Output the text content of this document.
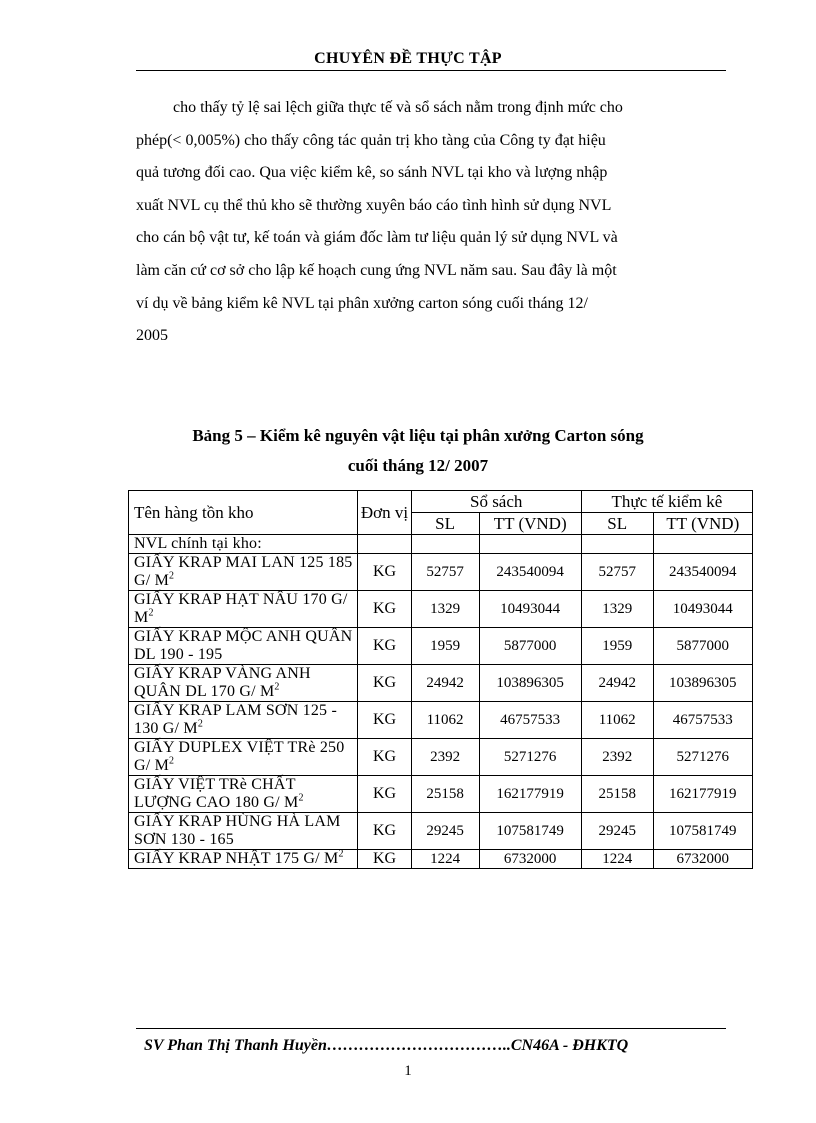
CHUYÊN ĐỀ THỰC TẬP
cho thấy tỷ lệ sai lệch giữa thực tế và sổ sách nằm trong định mức cho
phép(< 0,005%) cho thấy công tác quản trị kho tàng của Công ty đạt hiệu
quả tương đối cao. Qua việc kiểm kê, so sánh NVL tại kho và lượng nhập
xuất NVL cụ thể thủ kho sẽ thường xuyên báo cáo tình hình sử dụng NVL
cho cán bộ vật tư, kế toán và giám đốc làm tư liệu quản lý sử dụng NVL và
làm căn cứ cơ sở cho lập kế hoạch cung ứng NVL năm sau. Sau đây là một
ví dụ về bảng kiểm kê NVL tại phân xưởng carton sóng cuối tháng 12/
2005
Bảng 5 – Kiểm kê nguyên vật liệu tại phân xưởng Carton sóng
cuối tháng 12/ 2007
Tên hàng tồn kho	Đơn vị	Sổ sách		Thực tế kiểm kê	
		SL	TT (VND)	SL	TT (VND)
NVL chính tại kho:					
GIẤY KRAP MAI LAN 125 185 G/ $M^2$	KG	52757	243540094	52757	243540094
GIẤY KRAP HẠT NÂU 170 G/ $M^2$	KG	1329	10493044	1329	10493044
GIẤY KRAP MỘC ANH QUÂN DL 190 - 195	KG	1959	5877000	1959	5877000
GIẤY KRAP VÀNG ANH QUÂN DL 170 G/ $M^2$	KG	24942	103896305	24942	103896305
GIẤY KRAP LAM SƠN 125 - 130 G/ $M^2$	KG	11062	46757533	11062	46757533
GIẤY DUPLEX VIỆT TRè 250 G/ $M^2$	KG	2392	5271276	2392	5271276
GIẤY VIỆT TRè CHẤT LƯỢNG CAO 180 G/ $M^2$	KG	25158	162177919	25158	162177919
GIẤY KRAP HÙNG HÀ LAM SƠN 130 - 165	KG	29245	107581749	29245	107581749
GIẤY KRAP NHẬT 175 G/ $M^2$	KG	1224	6732000	1224	6732000
SV Phan Thị Thanh Huyền……………………………..CN46A - ĐHKTQ
1
